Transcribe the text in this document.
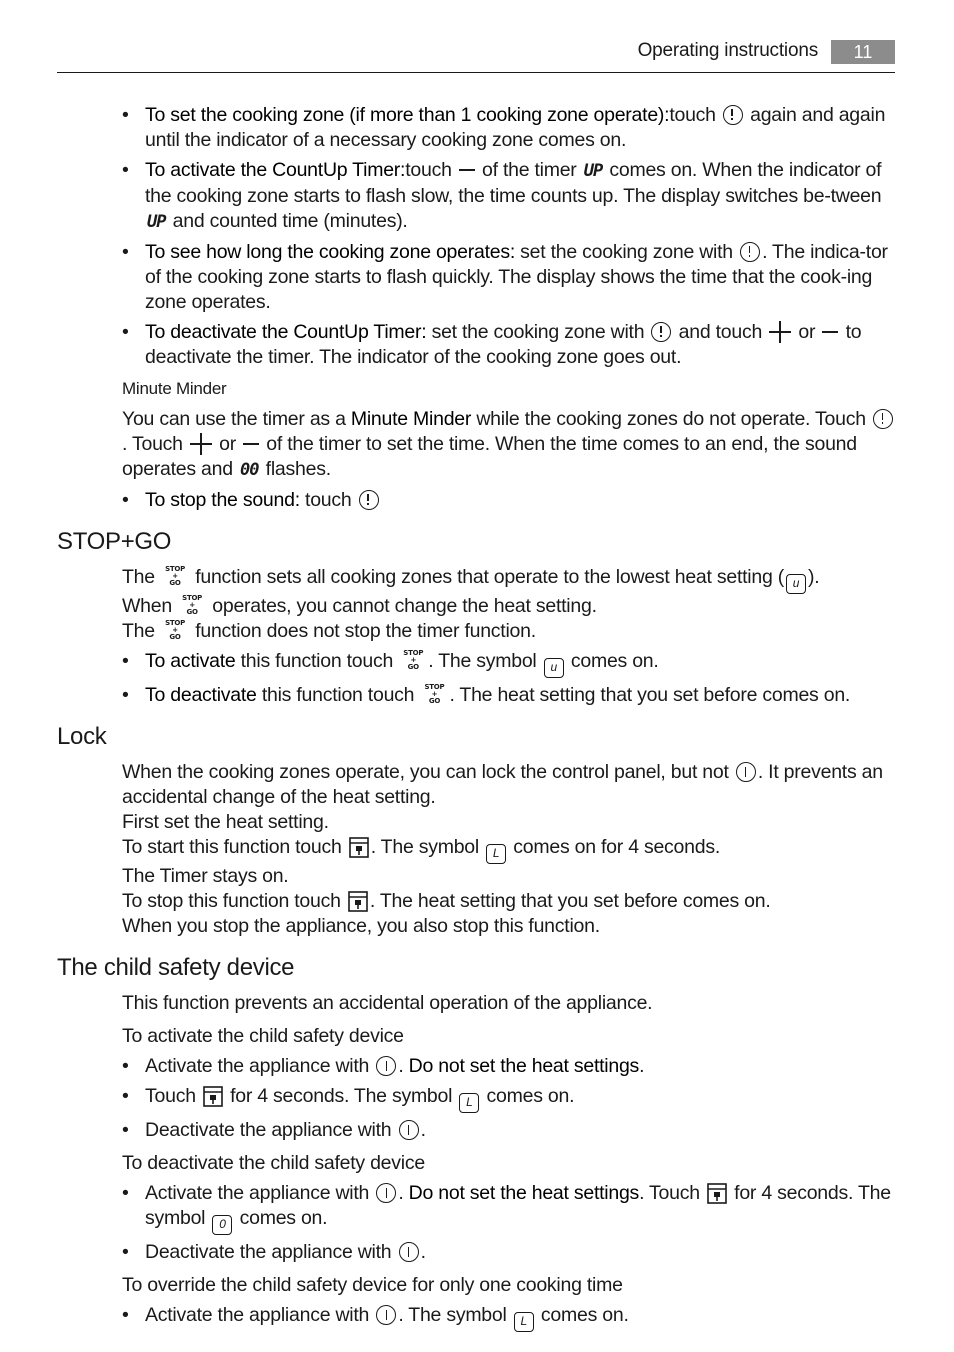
Operating instructions	11
• To set the cooking zone (if more than 1 cooking zone operate):touch  again and again until the indicator of a necessary cooking zone comes on.
• To activate the CountUp Timer:touch  of the timer UP comes on. When the indicator of the cooking zone starts to flash slow, the time counts up. The display switches be-tween UP and counted time (minutes).
• To see how long the cooking zone operates: set the cooking zone with . The indica-tor of the cooking zone starts to flash quickly. The display shows the time that the cook-ing zone operates.
• To deactivate the CountUp Timer: set the cooking zone with  and touch  or  to deactivate the timer. The indicator of the cooking zone goes out.

Minute Minder

You can use the timer as a Minute Minder while the cooking zones do not operate. Touch . Touch  or  of the timer to set the time. When the time comes to an end, the sound operates and 00 flashes.

• To stop the sound: touch
STOP+GO

The STOP
+
GO function sets all cooking zones that operate to the lowest heat setting ( u ).

When STOP
+
GO operates, you cannot change the heat setting.

The STOP
+
GO function does not stop the timer function.

• To activate this function touch STOP
+
GO . The symbol u comes on.
• To deactivate this function touch STOP
+
GO . The heat setting that you set before comes on.
Lock

When the cooking zones operate, you can lock the control panel, but not . It prevents an accidental change of the heat setting.

First set the heat setting.

To start this function touch . The symbol L comes on for 4 seconds.

The Timer stays on.

To stop this function touch . The heat setting that you set before comes on.

When you stop the appliance, you also stop this function.

The child safety device

This function prevents an accidental operation of the appliance.

To activate the child safety device

• Activate the appliance with . Do not set the heat settings.
• Touch  for 4 seconds. The symbol L comes on.
• Deactivate the appliance with .

To deactivate the child safety device

• Activate the appliance with . Do not set the heat settings. Touch  for 4 seconds. The symbol 0 comes on.
• Deactivate the appliance with .

To override the child safety device for only one cooking time

• Activate the appliance with . The symbol L comes on.
